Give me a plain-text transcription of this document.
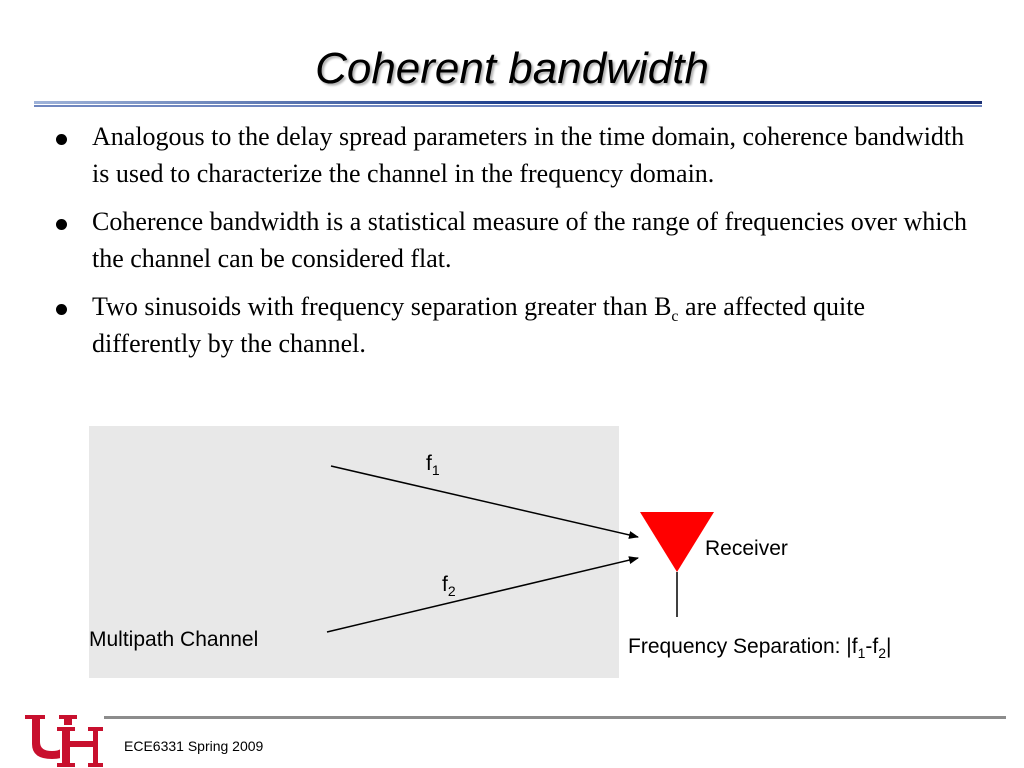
Coherent bandwidth
Analogous to the delay spread parameters in the time domain, coherence bandwidth is used to characterize the channel in the frequency domain.
Coherence bandwidth is a statistical measure of the range of frequencies over which the channel can be considered flat.
Two sinusoids with frequency separation greater than $B_c$ are affected quite differently by the channel.
$f_1$
$f_2$
Receiver
Multipath Channel	Frequency Separation: $|f_1-f_2|$
ECE6331 Spring 2009
